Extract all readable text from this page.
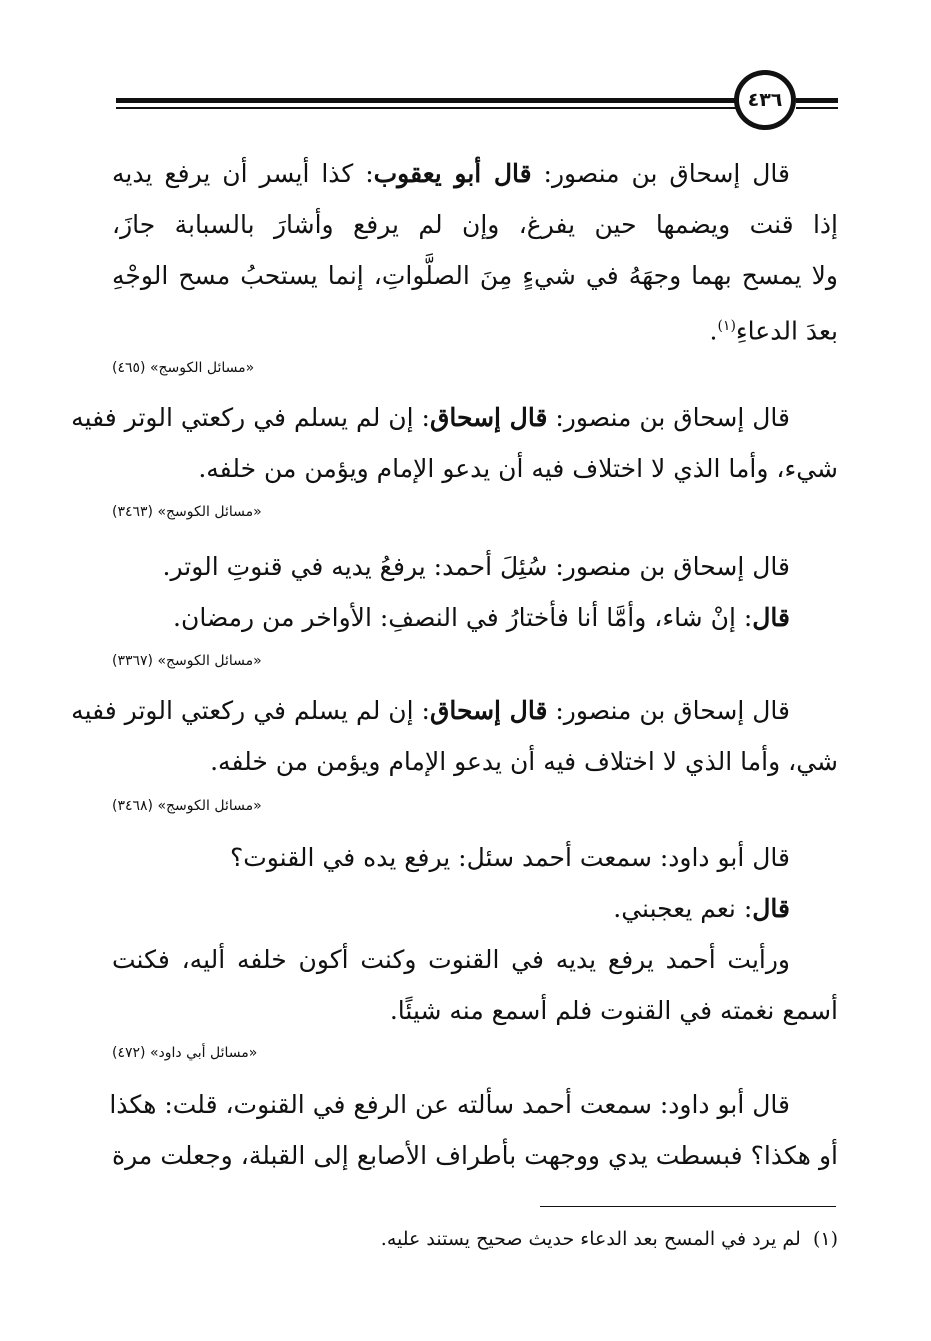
٤٣٦
قال إسحاق بن منصور: قال أبو يعقوب: كذا أيسر أن يرفع يديه
إذا قنت ويضمها حين يفرغ، وإن لم يرفع وأشارَ بالسبابة جازَ،
ولا يمسح بهما وجهَهُ في شيءٍ مِنَ الصلَّواتِ، إنما يستحبُ مسح الوجْهِ
بعدَ الدعاءِ$^{(١)}$.
«مسائل الكوسج» (٤٦٥)
قال إسحاق بن منصور: قال إسحاق: إن لم يسلم في ركعتي الوتر ففيه
شيء، وأما الذي لا اختلاف فيه أن يدعو الإمام ويؤمن من خلفه.
«مسائل الكوسج» (٣٤٦٣)
قال إسحاق بن منصور: سُئِلَ أحمد: يرفعُ يديه في قنوتِ الوتر.
قال: إنْ شاء، وأمَّا أنا فأختارُ في النصفِ: الأواخر من رمضان.
«مسائل الكوسج» (٣٣٦٧)
قال إسحاق بن منصور: قال إسحاق: إن لم يسلم في ركعتي الوتر ففيه
شي، وأما الذي لا اختلاف فيه أن يدعو الإمام ويؤمن من خلفه.
«مسائل الكوسج» (٣٤٦٨)
قال أبو داود: سمعت أحمد سئل: يرفع يده في القنوت؟
قال: نعم يعجبني.
ورأيت أحمد يرفع يديه في القنوت وكنت أكون خلفه أليه، فكنت
أسمع نغمته في القنوت فلم أسمع منه شيئًا.
«مسائل أبي داود» (٤٧٢)
قال أبو داود: سمعت أحمد سألته عن الرفع في القنوت، قلت: هكذا
أو هكذا؟ فبسطت يدي ووجهت بأطراف الأصابع إلى القبلة، وجعلت مرة
(١)  لم يرد في المسح بعد الدعاء حديث صحيح يستند عليه.
